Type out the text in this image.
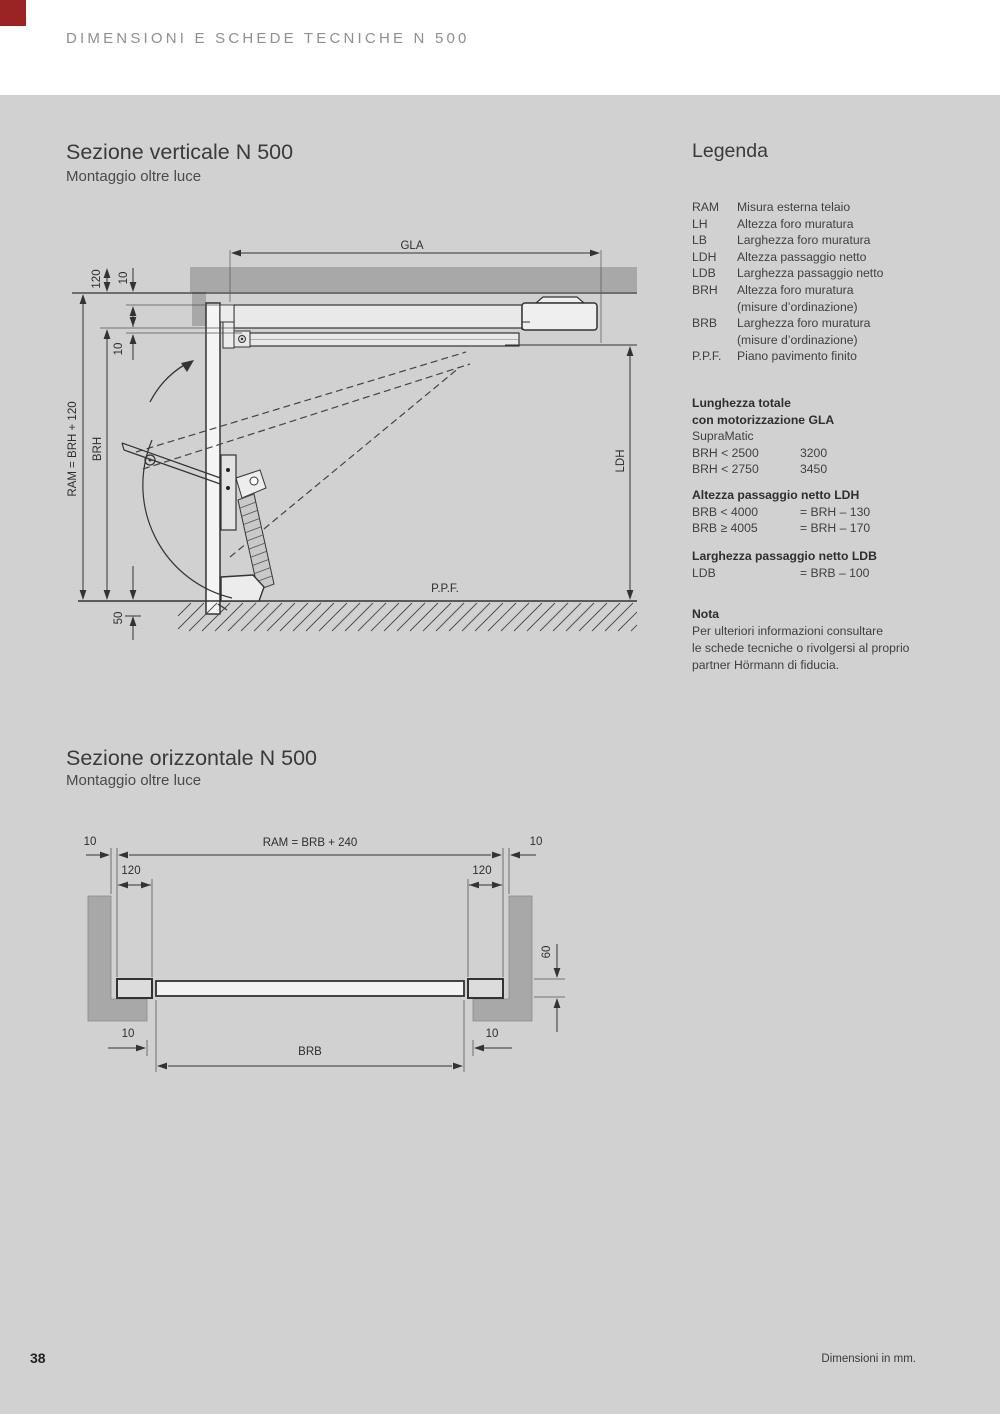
DIMENSIONI E SCHEDE TECNICHE N 500
Sezione verticale N 500
Montaggio oltre luce
Sezione orizzontale N 500
Montaggio oltre luce
Legenda
RAM	Misura esterna telaio
LH	Altezza foro muratura
LB	Larghezza foro muratura
LDH	Altezza passaggio netto
LDB	Larghezza passaggio netto
BRH	Altezza foro muratura
(misure d’ordinazione)
BRB	Larghezza foro muratura
(misure d’ordinazione)
P.P.F.	Piano pavimento finito
Lunghezza totale
con motorizzazione GLA
SupraMatic
BRH < 2500	3200
BRH < 2750	3450
Altezza passaggio netto LDH
BRB < 4000	= BRH – 130
BRB ≥ 4005	= BRH – 170
Larghezza passaggio netto LDB
LDB	= BRB – 100
Nota
Per ulteriori informazioni consultare
le schede tecniche o rivolgersi al proprio
partner Hörmann di fiducia.
GLA
120 10
10
RAM = BRH + 120 BRH	LDH
P.P.F.
50
10	RAM = BRB + 240	10
120	120
60
10	10
BRB
38	Dimensioni in mm.
